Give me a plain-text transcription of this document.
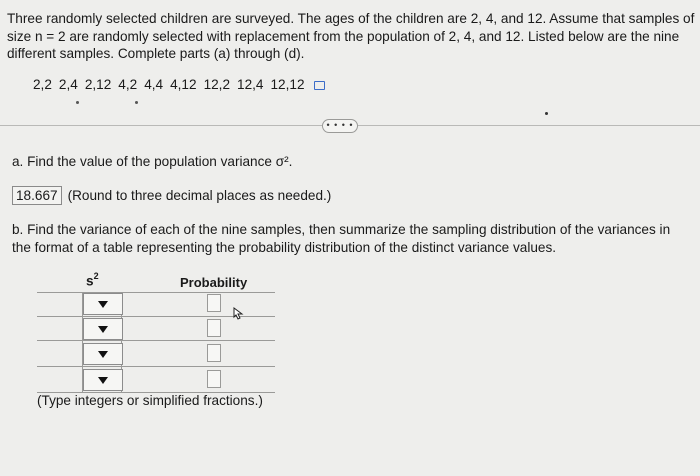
Three randomly selected children are surveyed. The ages of the children are 2, 4, and 12. Assume that samples of size n = 2 are randomly selected with replacement from the population of 2, 4, and 12. Listed below are the nine different samples. Complete parts (a) through (d).
2,2 2,4 2,12 4,2 4,4 4,12 12,2 12,4 12,12
• • • •
a. Find the value of the population variance σ².
18.667 (Round to three decimal places as needed.)
b. Find the variance of each of the nine samples, then summarize the sampling distribution of the variances in the format of a table representing the probability distribution of the distinct variance values.
$s^2$	Probability
(Type integers or simplified fractions.)
